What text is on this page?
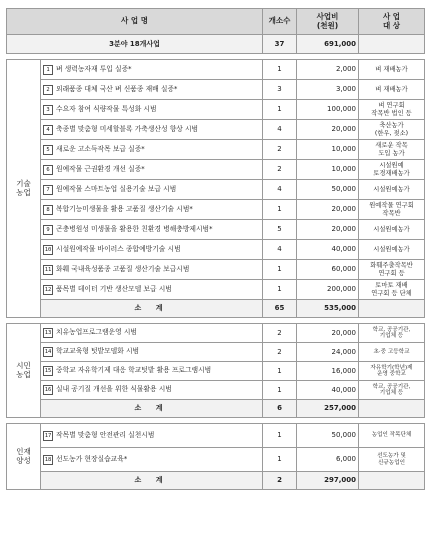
사 업 명		개소수	사업비
(천원)	사 업
대 상

3분야 18개사업		37	691,000	

기술
농업	1 벼 생력농자재 투입 실증*	1	2,000	벼 재배농가

	2 외래품종 대체 국산 벼 신품종 재배 실증*	3	3,000	벼 재배농가

	3 수요자 참여 식량작물 특성화 시범	1	100,000	벼 연구회
작목반 법인 등

	4 축종별 맞춤형 미세할블록 가축생산성 향상 시범	4	20,000	축산농가
(한우, 젖소)

	5 새로운 고소득작목 보급 실증*	2	10,000	새로운 작목
도입 농가

	6 원예작물 근권환경 개선 실증*	2	10,000	시설원예
토경재배농가

	7 원예작물 스마트농업 실용기술 보급 시범	4	50,000	시설원예농가

	8 복합기능미생물을 활용 고품질 생산기술 시범*	1	20,000	원예작물 연구회
작목반

	9 곤충병원성 미생물을 활용한 친환경 병해충방제시범*	5	20,000	시설원예농가

	10 시설원예작물 바이러스 종합예방기술 시범	4	40,000	시설원예농가

	11 화훼 국내육성품종 고품질 생산기술 보급시범	1	60,000	화훼주출작목반
연구회 등

	12 품목별 데이터 기반 생산모델 보급 시범	1	200,000	토마토 재배
연구회 등 단체

	소 계	65	535,000	

시민
농업	13 치유농업프로그램운영 시범	2	20,000	학교, 공공기관,
기업체 등

	14 학교교육형 텃밭모델화 시범	2	24,000	초·중 고등학교

	15 중학교 자유학기제 대응 학교텃밭 활용 프로그램시범	1	16,000	자유학기(학년)제
운영 중학교

	16 실내 공기질 개선을 위한 식물활용 시범	1	40,000	학교, 공공기관,
기업체 등

	소 계	6	257,000	

인재
양성	17 작목별 맞춤형 안전관리 실천시범	1	50,000	농업인 작목단체

	18 선도농가 현장실습교육*	1	6,000	선도농가 및
신규농업인

	소 계	2	297,000	
